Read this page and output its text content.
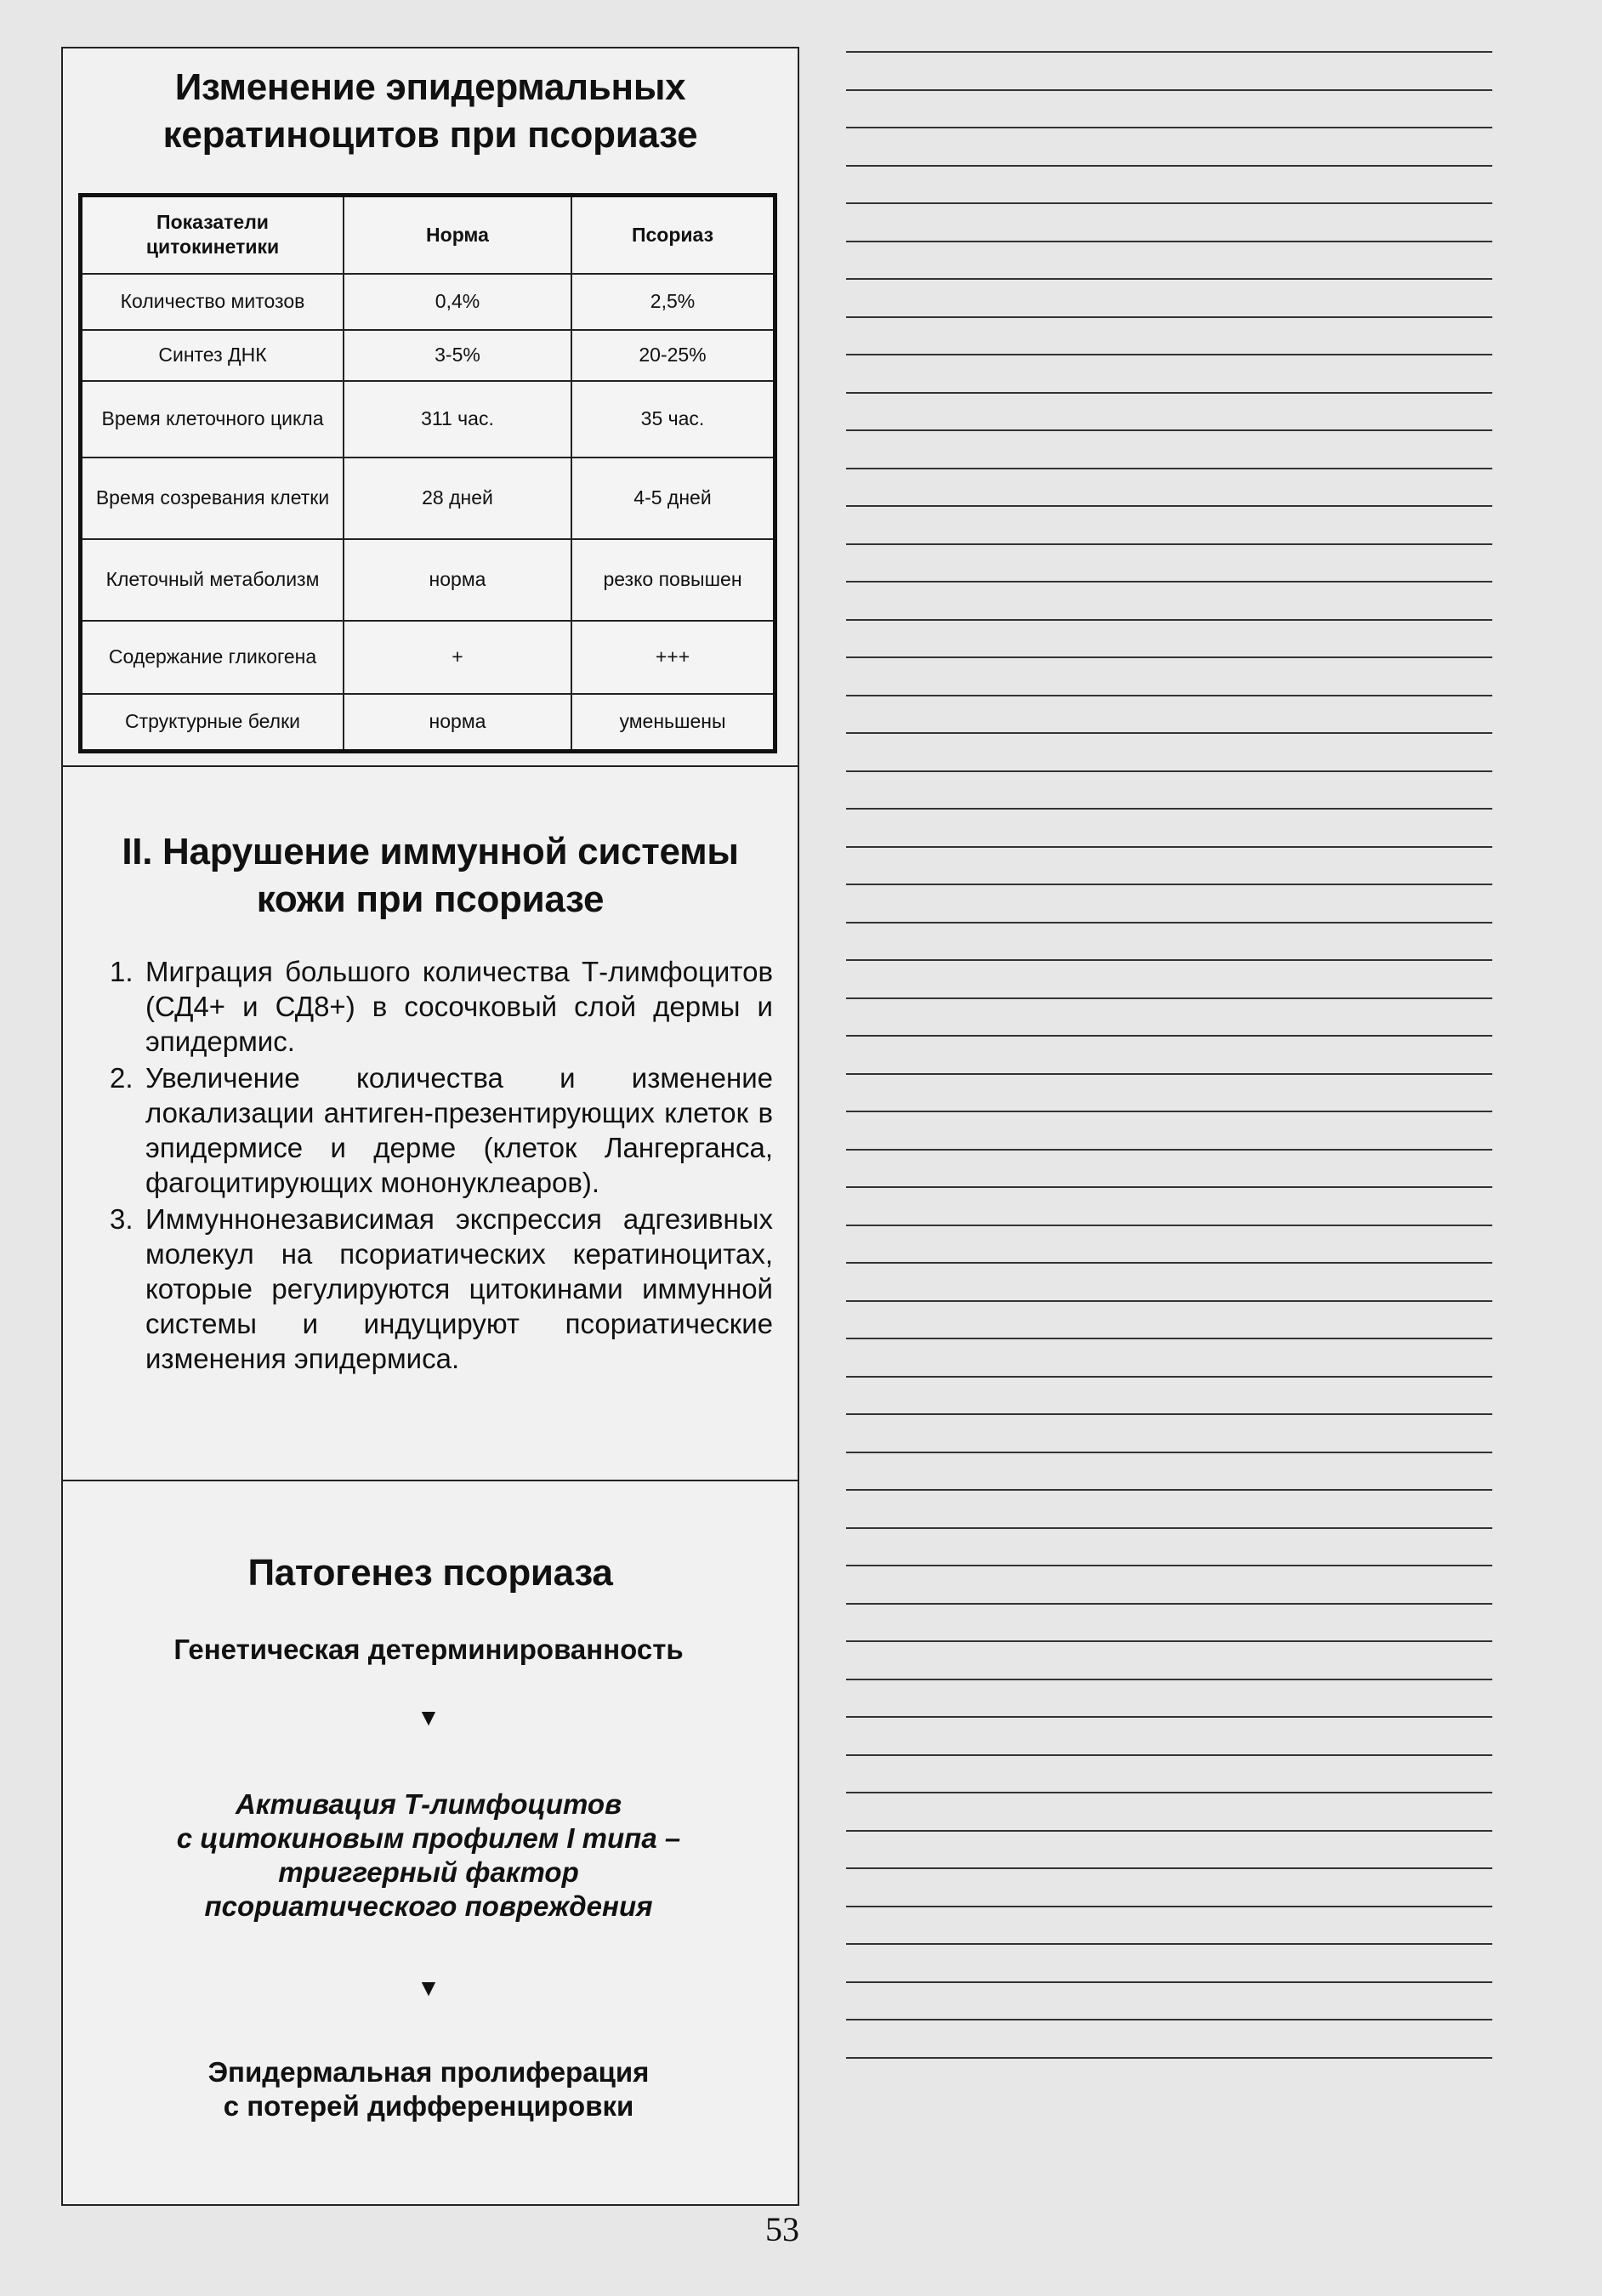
Изменение эпидермальных

кератиноцитов при псориазе

Показатели цитокинетики	Норма	Псориаз
Количество митозов	0,4%	2,5%
Синтез ДНК	3-5%	20-25%
Время клеточного цикла	311 час.	35 час.
Время созревания клетки	28 дней	4-5 дней
Клеточный метаболизм	норма	резко повышен
Содержание гликогена	+	+++
Структурные белки	норма	уменьшены

II. Нарушение иммунной системы

кожи при псориазе

1. Миграция большого количества Т-лимфоцитов (СД4+ и СД8+) в сосочковый слой дермы и эпидермис.
2. Увеличение количества и изменение локализации антиген-презентирующих клеток в эпидермисе и дерме (клеток Лангерганса, фагоцитирующих мононуклеаров).
3. Иммуннонезависимая экспрессия адгезивных молекул на псориатических кератиноцитах, которые регулируются цитокинами иммунной системы и индуцируют псориатические изменения эпидермиса.

Патогенез псориаза

Генетическая детерминированность
▼
Активация Т-лимфоцитов
с цитокиновым профилем I типа –
триггерный фактор
псориатического повреждения
▼
Эпидермальная пролиферация
с потерей дифференцировки
53
